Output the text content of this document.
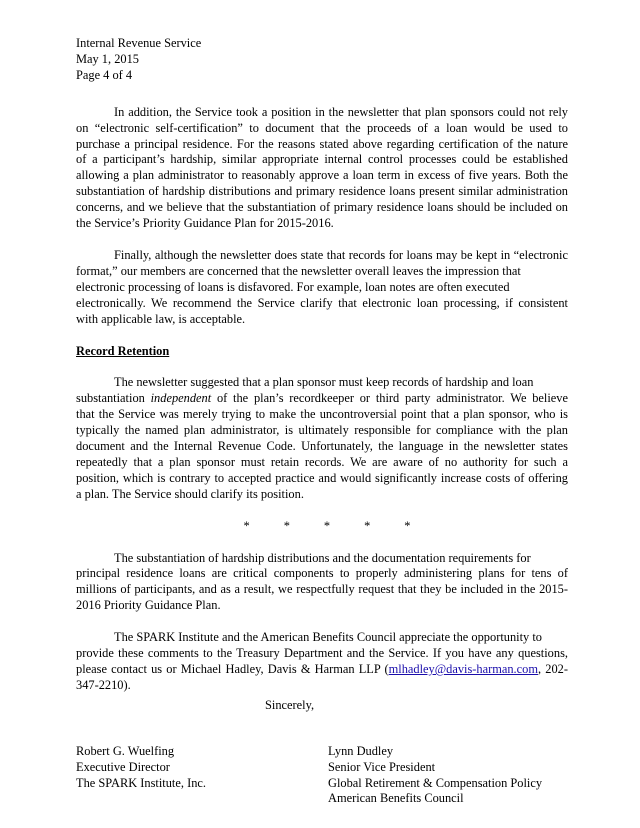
Internal Revenue Service
May 1, 2015
Page 4 of 4
In addition, the Service took a position in the newsletter that plan sponsors could not rely
on “electronic self-certification” to document that the proceeds of a loan would be used to
purchase a principal residence. For the reasons stated above regarding certification of the nature
of a participant’s hardship, similar appropriate internal control processes could be established
allowing a plan administrator to reasonably approve a loan term in excess of five years. Both the
substantiation of hardship distributions and primary residence loans present similar administration
concerns, and we believe that the substantiation of primary residence loans should be included on
the Service’s Priority Guidance Plan for 2015-2016.
Finally, although the newsletter does state that records for loans may be kept in “electronic
format,” our members are concerned that the newsletter overall leaves the impression that
electronic processing of loans is disfavored. For example, loan notes are often executed
electronically. We recommend the Service clarify that electronic loan processing, if consistent
with applicable law, is acceptable.

Record Retention

The newsletter suggested that a plan sponsor must keep records of hardship and loan
substantiation independent of the plan’s recordkeeper or third party administrator. We believe
that the Service was merely trying to make the uncontroversial point that a plan sponsor, who is
typically the named plan administrator, is ultimately responsible for compliance with the plan
document and the Internal Revenue Code. Unfortunately, the language in the newsletter states
repeatedly that a plan sponsor must retain records. We are aware of no authority for such a
position, which is contrary to accepted practice and would significantly increase costs of offering
a plan. The Service should clarify its position.
*	*	*	*	*
The substantiation of hardship distributions and the documentation requirements for
principal residence loans are critical components to properly administering plans for tens of
millions of participants, and as a result, we respectfully request that they be included in the 2015-
2016 Priority Guidance Plan.
The SPARK Institute and the American Benefits Council appreciate the opportunity to
provide these comments to the Treasury Department and the Service. If you have any questions,
please contact us or Michael Hadley, Davis & Harman LLP (mlhadley@davis-harman.com, 202-
347-2210).

Sincerely,

Robert G. Wuelfing
Executive Director
The SPARK Institute, Inc.
Lynn Dudley
Senior Vice President
Global Retirement & Compensation Policy
American Benefits Council
